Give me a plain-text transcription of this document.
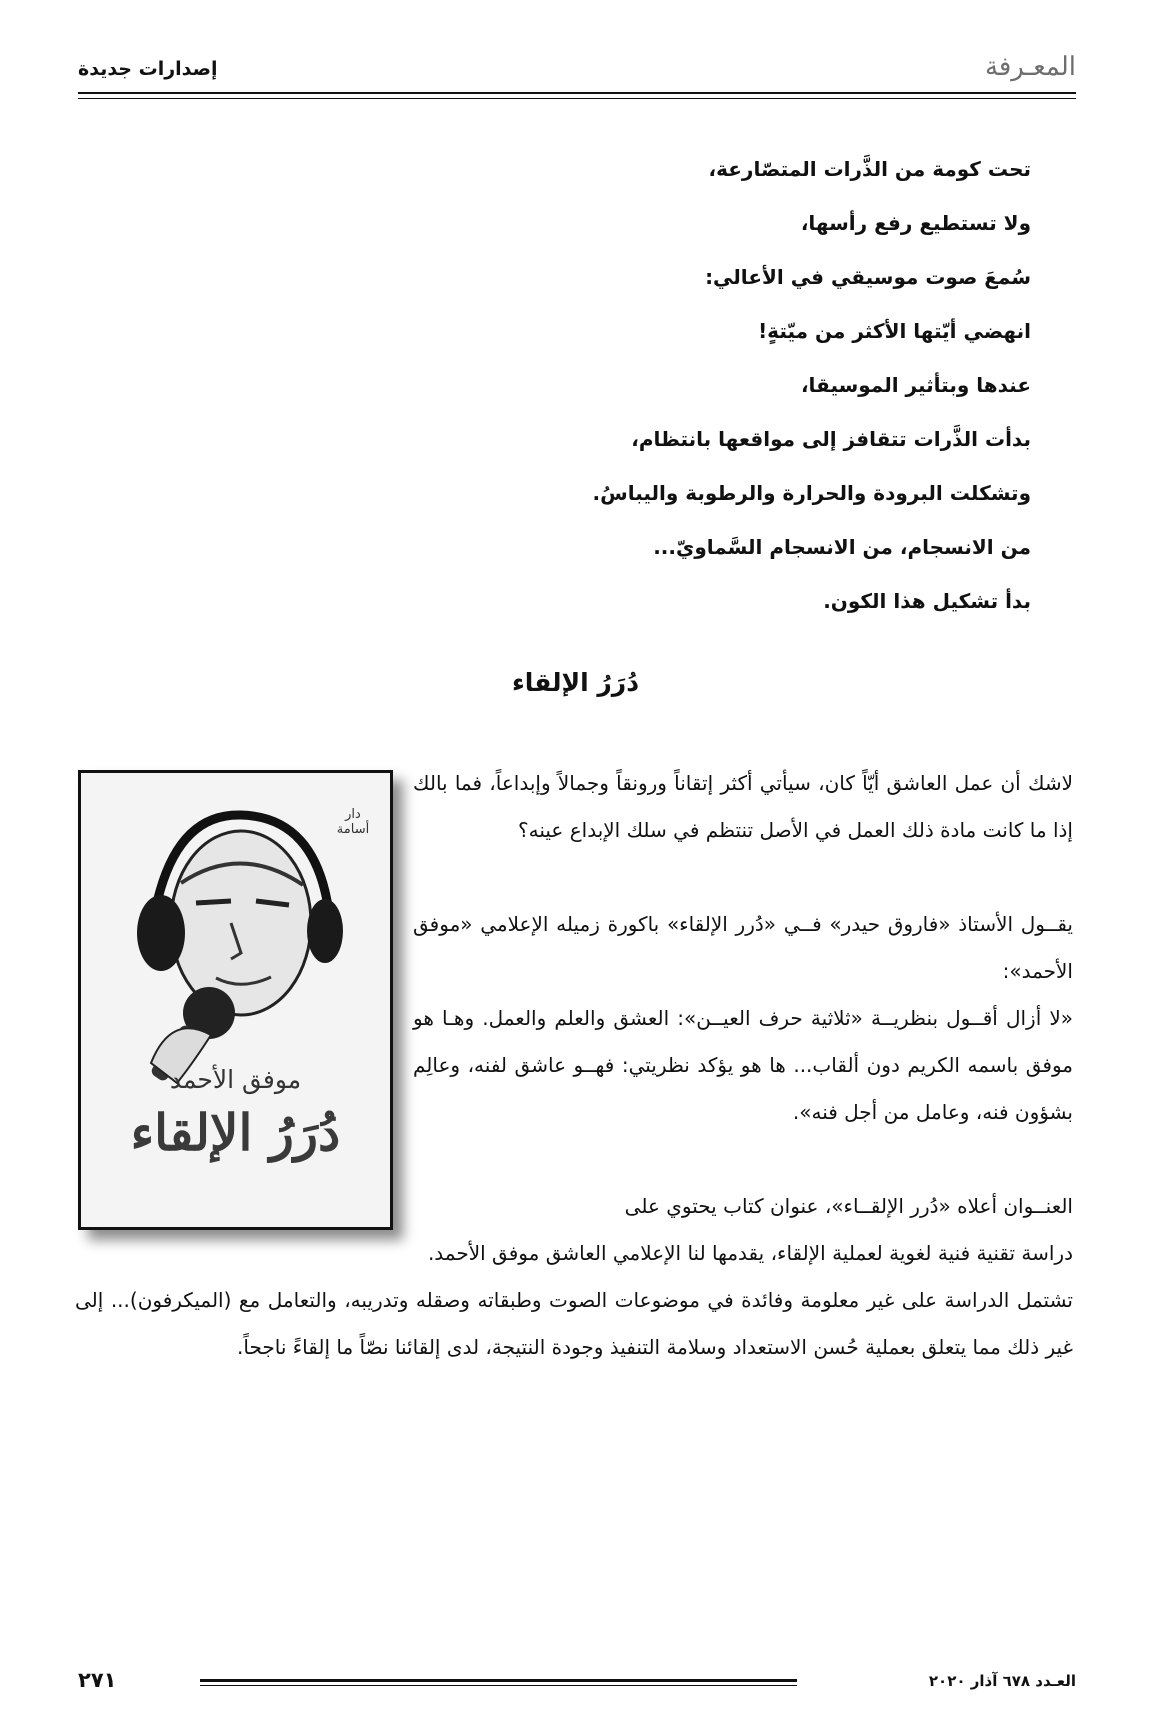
المعـرفة
إصدارات جديدة
تحت كومة من الذَّرات المتصّارعة،
ولا تستطيع رفع رأسها،
سُمعَ صوت موسيقي في الأعالي:
انهضي أيّتها الأكثر من ميّتةٍ!
عندها وبتأثير الموسيقا،
بدأت الذَّرات تتقافز إلى مواقعها بانتظام،
وتشكلت البرودة والحرارة والرطوبة واليباسُ.
من الانسجام، من الانسجام السَّماويّ...
بدأ تشكيل هذا الكون.
دُرَرُ الإلقاء
دار أسامة
موفق الأحمد
دُرَرُ الإلقاء

لاشك أن عمل العاشق أيّاً كان، سيأتي أكثر إتقاناً ورونقاً وجمالاً وإبداعاً، فما بالك إذا ما كانت مادة ذلك العمل في الأصل تنتظم في سلك الإبداع عينه؟

يقــول الأستاذ «فاروق حيدر» فــي «دُرر الإلقاء» باكورة زميله الإعلامي «موفق الأحمد»:

«لا أزال أقــول بنظريــة «ثلاثية حرف العيــن»: العشق والعلم والعمل. وهـا هو موفق باسمه الكريم دون ألقاب... ها هو يؤكد نظريتي: فهــو عاشق لفنه، وعالِم بشؤون فنه، وعامل من أجل فنه».

العنــوان أعلاه «دُرر الإلقــاء»، عنوان كتاب يحتوي على

دراسة تقنية فنية لغوية لعملية الإلقاء، يقدمها لنا الإعلامي العاشق موفق الأحمد.

تشتمل الدراسة على غير معلومة وفائدة في موضوعات الصوت وطبقاته وصقله وتدريبه، والتعامل مع (الميكرفون)... إلى غير ذلك مما يتعلق بعملية حُسن الاستعداد وسلامة التنفيذ وجودة النتيجة، لدى إلقائنا نصّاً ما إلقاءً ناجحاً.

٢٧١	العـدد ٦٧٨ آذار ٢٠٢٠
